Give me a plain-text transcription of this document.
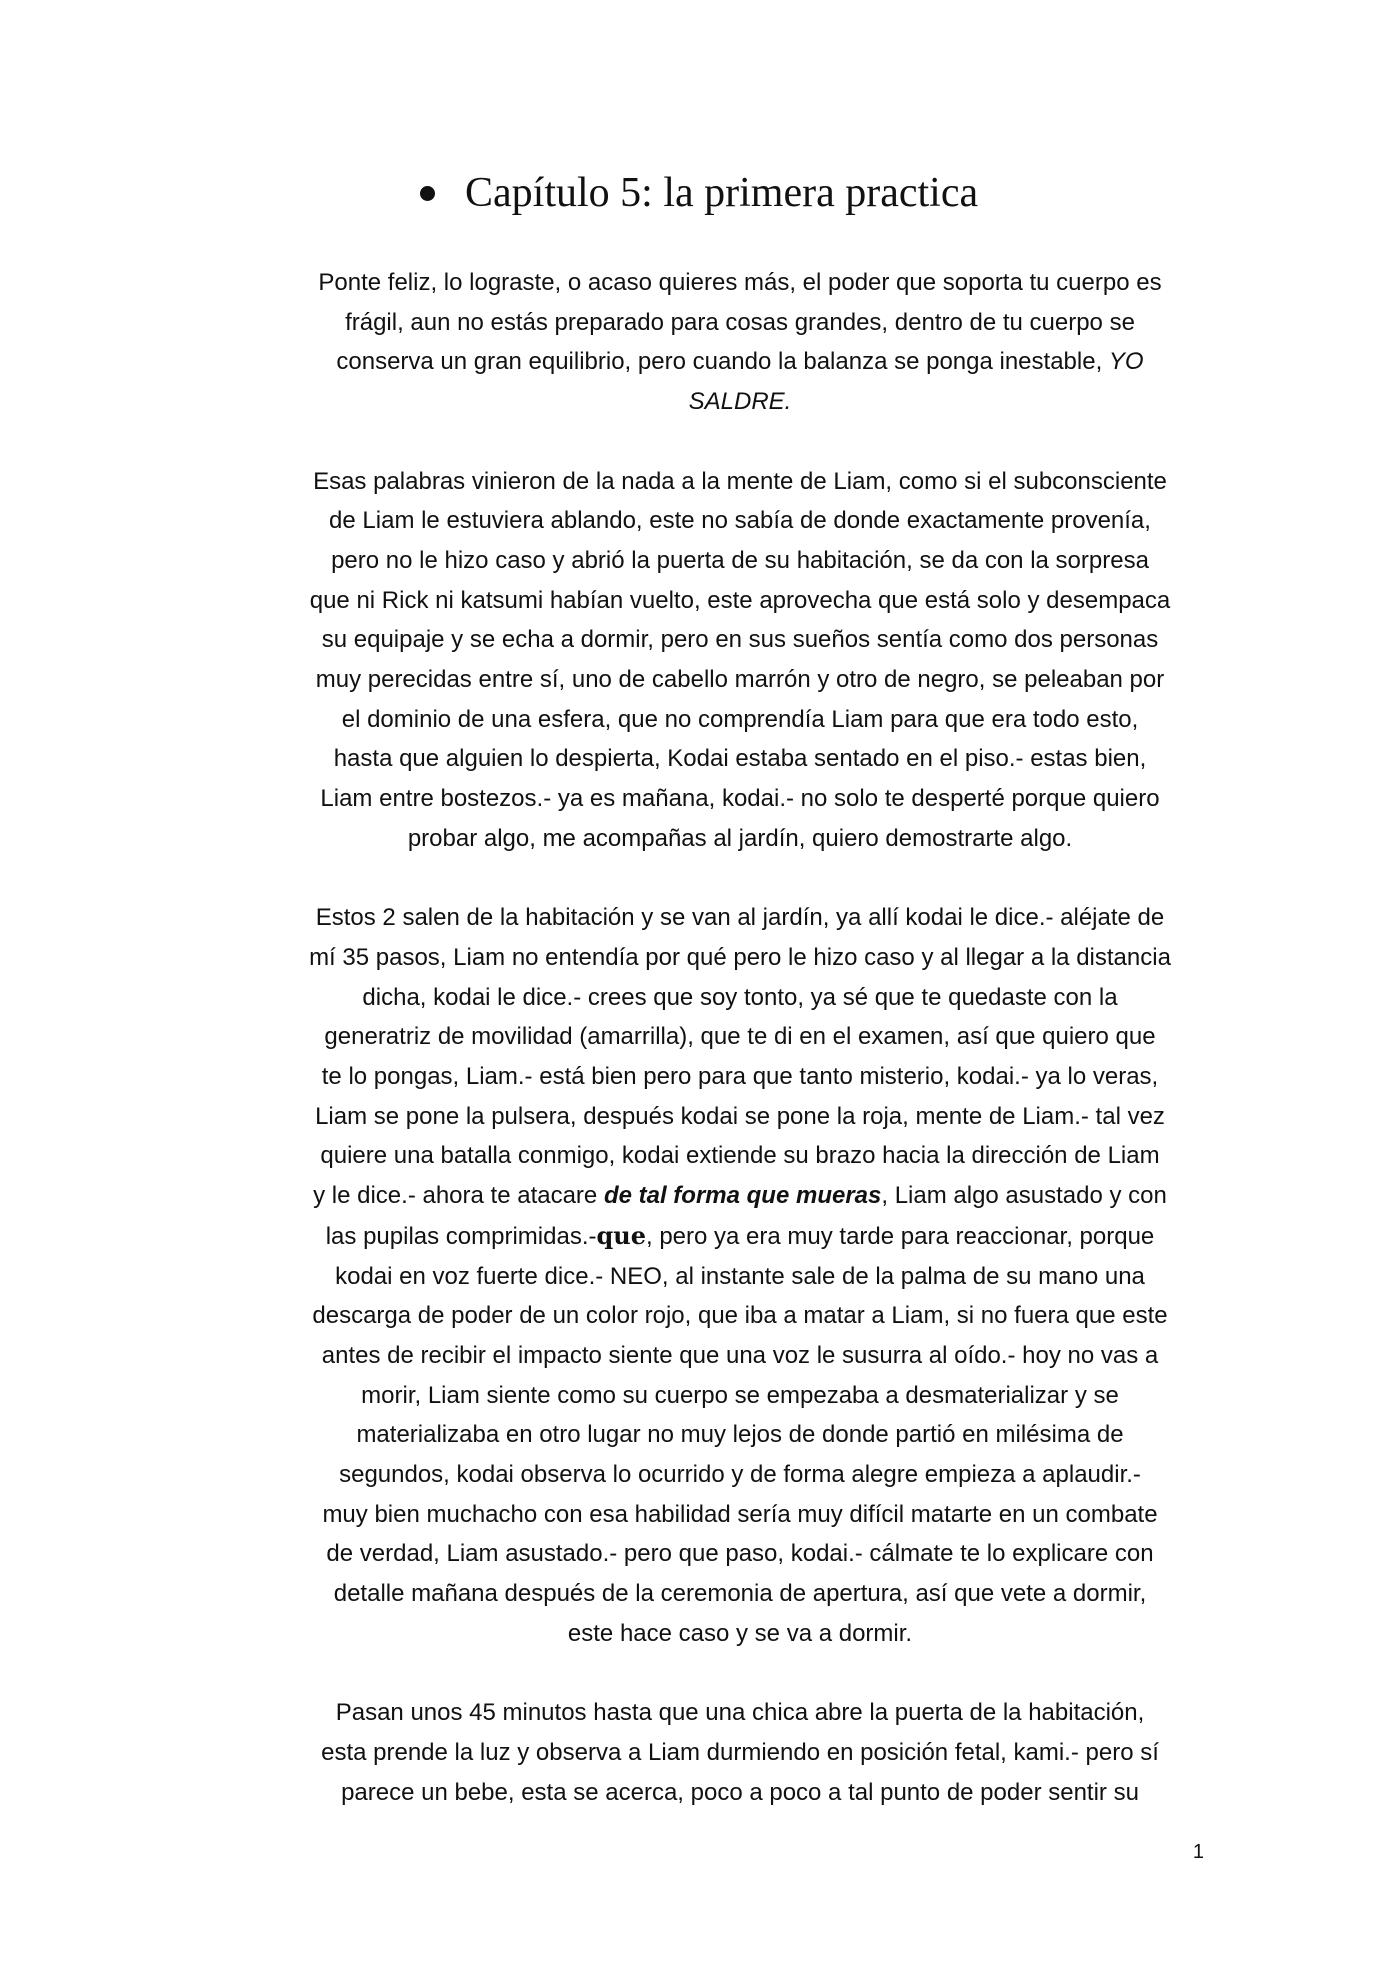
Capítulo 5: la primera practica

Ponte feliz, lo lograste, o acaso quieres más, el poder que soporta tu cuerpo es
frágil, aun no estás preparado para cosas grandes, dentro de tu cuerpo se
conserva un gran equilibrio, pero cuando la balanza se ponga inestable, YO
SALDRE.

Esas palabras vinieron de la nada a la mente de Liam, como si el subconsciente
de Liam le estuviera ablando, este no sabía de donde exactamente provenía,
pero no le hizo caso y abrió la puerta de su habitación, se da con la sorpresa
que ni Rick ni katsumi habían vuelto, este aprovecha que está solo y desempaca
su equipaje y se echa a dormir, pero en sus sueños sentía como dos personas
muy perecidas entre sí, uno de cabello marrón y otro de negro, se peleaban por
el dominio de una esfera, que no comprendía Liam para que era todo esto,
hasta que alguien lo despierta, Kodai estaba sentado en el piso.- estas bien,
Liam entre bostezos.- ya es mañana, kodai.- no solo te desperté porque quiero
probar algo, me acompañas al jardín, quiero demostrarte algo.

Estos 2 salen de la habitación y se van al jardín, ya allí kodai le dice.- aléjate de
mí 35 pasos, Liam no entendía por qué pero le hizo caso y al llegar a la distancia
dicha, kodai le dice.- crees que soy tonto, ya sé que te quedaste con la
generatriz de movilidad (amarrilla), que te di en el examen, así que quiero que
te lo pongas, Liam.- está bien pero para que tanto misterio, kodai.- ya lo veras,
Liam se pone la pulsera, después kodai se pone la roja, mente de Liam.- tal vez
quiere una batalla conmigo, kodai extiende su brazo hacia la dirección de Liam
y le dice.- ahora te atacare de tal forma que mueras, Liam algo asustado y con
las pupilas comprimidas.-que, pero ya era muy tarde para reaccionar, porque
kodai en voz fuerte dice.- NEO, al instante sale de la palma de su mano una
descarga de poder de un color rojo, que iba a matar a Liam, si no fuera que este
antes de recibir el impacto siente que una voz le susurra al oído.- hoy no vas a
morir, Liam siente como su cuerpo se empezaba a desmaterializar y se
materializaba en otro lugar no muy lejos de donde partió en milésima de
segundos, kodai observa lo ocurrido y de forma alegre empieza a aplaudir.-
muy bien muchacho con esa habilidad sería muy difícil matarte en un combate
de verdad, Liam asustado.- pero que paso, kodai.- cálmate te lo explicare con
detalle mañana después de la ceremonia de apertura, así que vete a dormir,
este hace caso y se va a dormir.

Pasan unos 45 minutos hasta que una chica abre la puerta de la habitación,
esta prende la luz y observa a Liam durmiendo en posición fetal, kami.- pero sí
parece un bebe, esta se acerca, poco a poco a tal punto de poder sentir su

1
